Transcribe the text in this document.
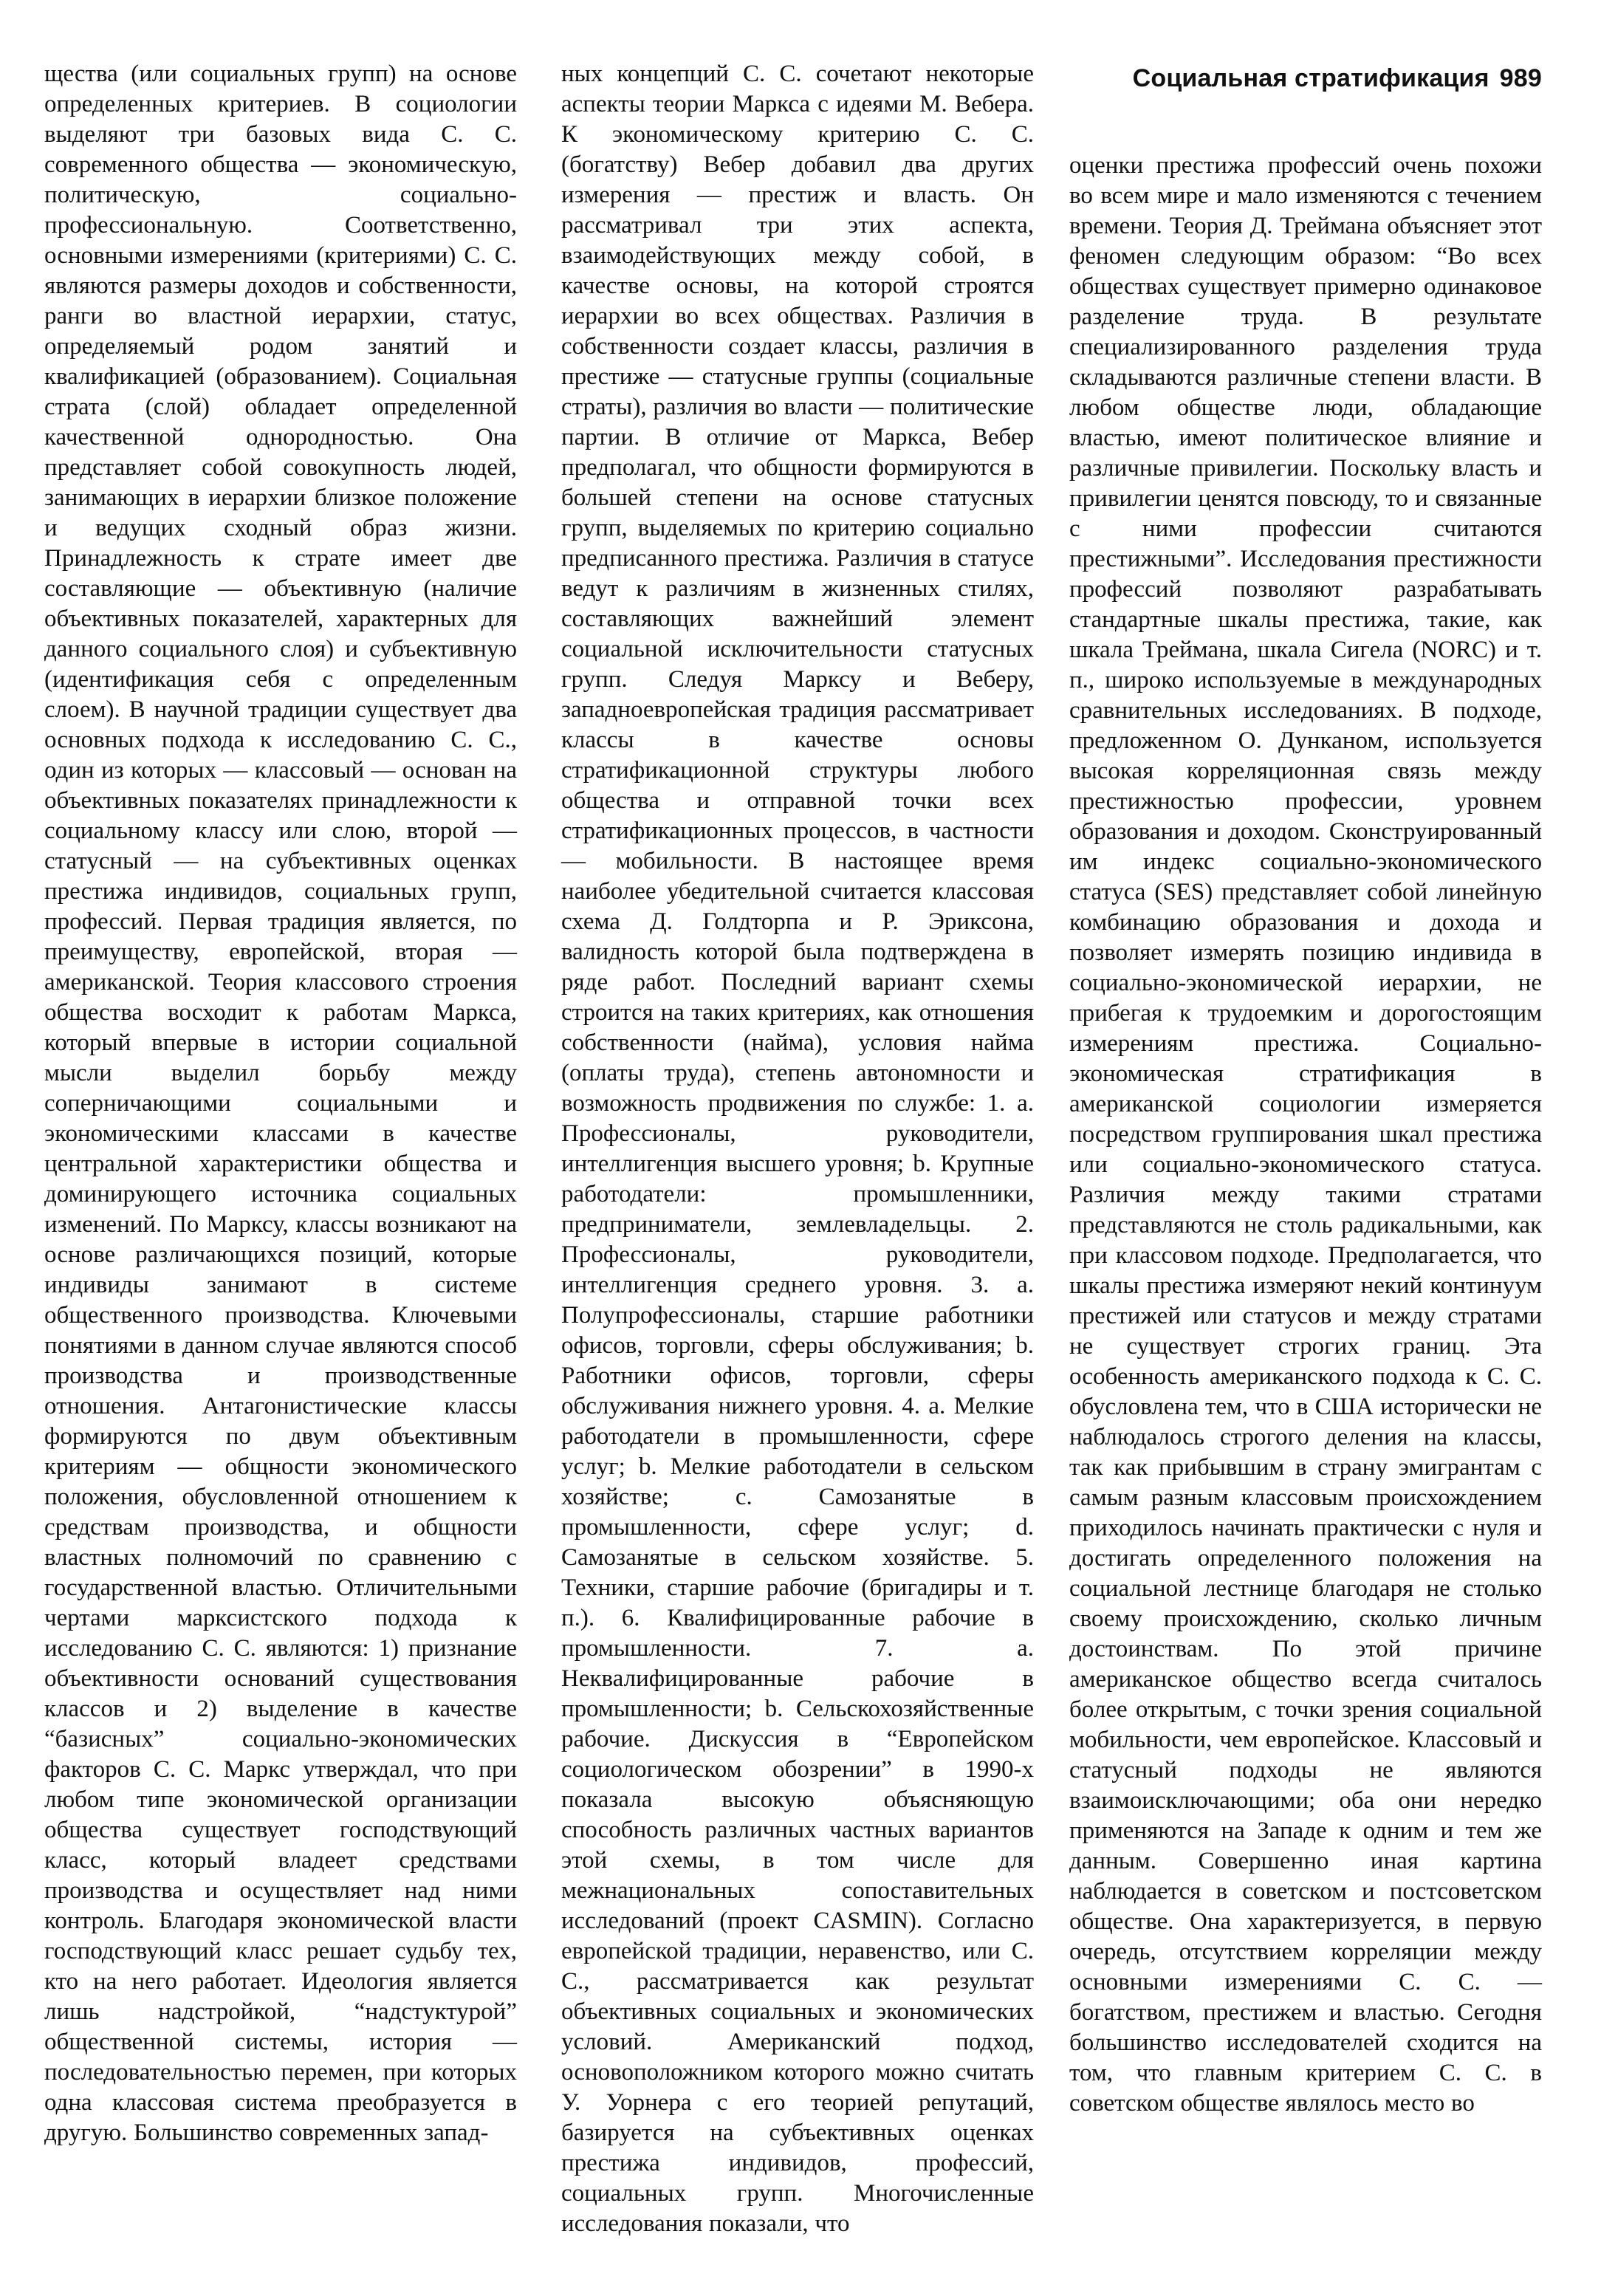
Социальная стратификация 989

щества (или социальных групп) на основе определенных критериев. В социологии выделяют три базовых вида С. С. современного общества — экономическую, политическую, социально-профессиональную. Соответственно, основными измерениями (критериями) С. С. являются размеры доходов и собственности, ранги во властной иерархии, статус, определяемый родом занятий и квалификацией (образованием). Социальная страта (слой) обладает определенной качественной однородностью. Она представляет собой совокупность людей, занимающих в иерархии близкое положение и ведущих сходный образ жизни. Принадлежность к страте имеет две составляющие — объективную (наличие объективных показателей, характерных для данного социального слоя) и субъективную (идентификация себя с определенным слоем). В научной традиции существует два основных подхода к исследованию С. С., один из которых — классовый — основан на объективных показателях принадлежности к социальному классу или слою, второй — статусный — на субъективных оценках престижа индивидов, социальных групп, профессий. Первая традиция является, по преимуществу, европейской, вторая — американской. Теория классового строения общества восходит к работам Маркса, который впервые в истории социальной мысли выделил борьбу между соперничающими социальными и экономическими классами в качестве центральной характеристики общества и доминирующего источника социальных изменений. По Марксу, классы возникают на основе различающихся позиций, которые индивиды занимают в системе общественного производства. Ключевыми понятиями в данном случае являются способ производства и производственные отношения. Антагонистические классы формируются по двум объективным критериям — общности экономического положения, обусловленной отношением к средствам производства, и общности властных полномочий по сравнению с государственной властью. Отличительными чертами марксистского подхода к исследованию С. С. являются: 1) признание объективности оснований существования классов и 2) выделение в качестве “базисных” социально-экономических факторов С. С. Маркс утверждал, что при любом типе экономической организации общества существует господствующий класс, который владеет средствами производства и осуществляет над ними контроль. Благодаря экономической власти господствующий класс решает судьбу тех, кто на него работает. Идеология является лишь надстройкой, “надстуктурой” общественной системы, история — последовательностью перемен, при которых одна классовая система преобразуется в другую. Большинство современных запад-

ных концепций С. С. сочетают некоторые аспекты теории Маркса с идеями М. Вебера. К экономическому критерию С. С. (богатству) Вебер добавил два других измерения — престиж и власть. Он рассматривал три этих аспекта, взаимодействующих между собой, в качестве основы, на которой строятся иерархии во всех обществах. Различия в собственности создает классы, различия в престиже — статусные группы (социальные страты), различия во власти — политические партии. В отличие от Маркса, Вебер предполагал, что общности формируются в большей степени на основе статусных групп, выделяемых по критерию социально предписанного престижа. Различия в статусе ведут к различиям в жизненных стилях, составляющих важнейший элемент социальной исключительности статусных групп. Следуя Марксу и Веберу, западноевропейская традиция рассматривает классы в качестве основы стратификационной структуры любого общества и отправной точки всех стратификационных процессов, в частности — мобильности. В настоящее время наиболее убедительной считается классовая схема Д. Голдторпа и Р. Эриксона, валидность которой была подтверждена в ряде работ. Последний вариант схемы строится на таких критериях, как отношения собственности (найма), условия найма (оплаты труда), степень автономности и возможность продвижения по службе: 1. a. Профессионалы, руководители, интеллигенция высшего уровня; b. Крупные работодатели: промышленники, предприниматели, землевладельцы. 2. Профессионалы, руководители, интеллигенция среднего уровня. 3. a. Полупрофессионалы, старшие работники офисов, торговли, сферы обслуживания; b. Работники офисов, торговли, сферы обслуживания нижнего уровня. 4. a. Мелкие работодатели в промышленности, сфере услуг; b. Мелкие работодатели в сельском хозяйстве; c. Самозанятые в промышленности, сфере услуг; d. Самозанятые в сельском хозяйстве. 5. Техники, старшие рабочие (бригадиры и т. п.). 6. Квалифицированные рабочие в промышленности. 7. a. Неквалифицированные рабочие в промышленности; b. Сельскохозяйственные рабочие. Дискуссия в “Европейском социологическом обозрении” в 1990-х показала высокую объясняющую способность различных частных вариантов этой схемы, в том числе для межнациональных сопоставительных исследований (проект CASMIN). Согласно европейской традиции, неравенство, или С. С., рассматривается как результат объективных социальных и экономических условий. Американский подход, основоположником которого можно считать У. Уорнера с его теорией репутаций, базируется на субъективных оценках престижа индивидов, профессий, социальных групп. Многочисленные исследования показали, что

оценки престижа профессий очень похожи во всем мире и мало изменяются с течением времени. Теория Д. Треймана объясняет этот феномен следующим образом: “Во всех обществах существует примерно одинаковое разделение труда. В результате специализированного разделения труда складываются различные степени власти. В любом обществе люди, обладающие властью, имеют политическое влияние и различные привилегии. Поскольку власть и привилегии ценятся повсюду, то и связанные с ними профессии считаются престижными”. Исследования престижности профессий позволяют разрабатывать стандартные шкалы престижа, такие, как шкала Треймана, шкала Сигела (NORC) и т. п., широко используемые в международных сравнительных исследованиях. В подходе, предложенном О. Дунканом, используется высокая корреляционная связь между престижностью профессии, уровнем образования и доходом. Сконструированный им индекс социально-экономического статуса (SES) представляет собой линейную комбинацию образования и дохода и позволяет измерять позицию индивида в социально-экономической иерархии, не прибегая к трудоемким и дорогостоящим измерениям престижа. Социально-экономическая стратификация в американской социологии измеряется посредством группирования шкал престижа или социально-экономического статуса. Различия между такими стратами представляются не столь радикальными, как при классовом подходе. Предполагается, что шкалы престижа измеряют некий континуум престижей или статусов и между стратами не существует строгих границ. Эта особенность американского подхода к С. С. обусловлена тем, что в США исторически не наблюдалось строгого деления на классы, так как прибывшим в страну эмигрантам с самым разным классовым происхождением приходилось начинать практически с нуля и достигать определенного положения на социальной лестнице благодаря не столько своему происхождению, сколько личным достоинствам. По этой причине американское общество всегда считалось более открытым, с точки зрения социальной мобильности, чем европейское. Классовый и статусный подходы не являются взаимоисключающими; оба они нередко применяются на Западе к одним и тем же данным. Совершенно иная картина наблюдается в советском и постсоветском обществе. Она характеризуется, в первую очередь, отсутствием корреляции между основными измерениями С. С. — богатством, престижем и властью. Сегодня большинство исследователей сходится на том, что главным критерием С. С. в советском обществе являлось место во
